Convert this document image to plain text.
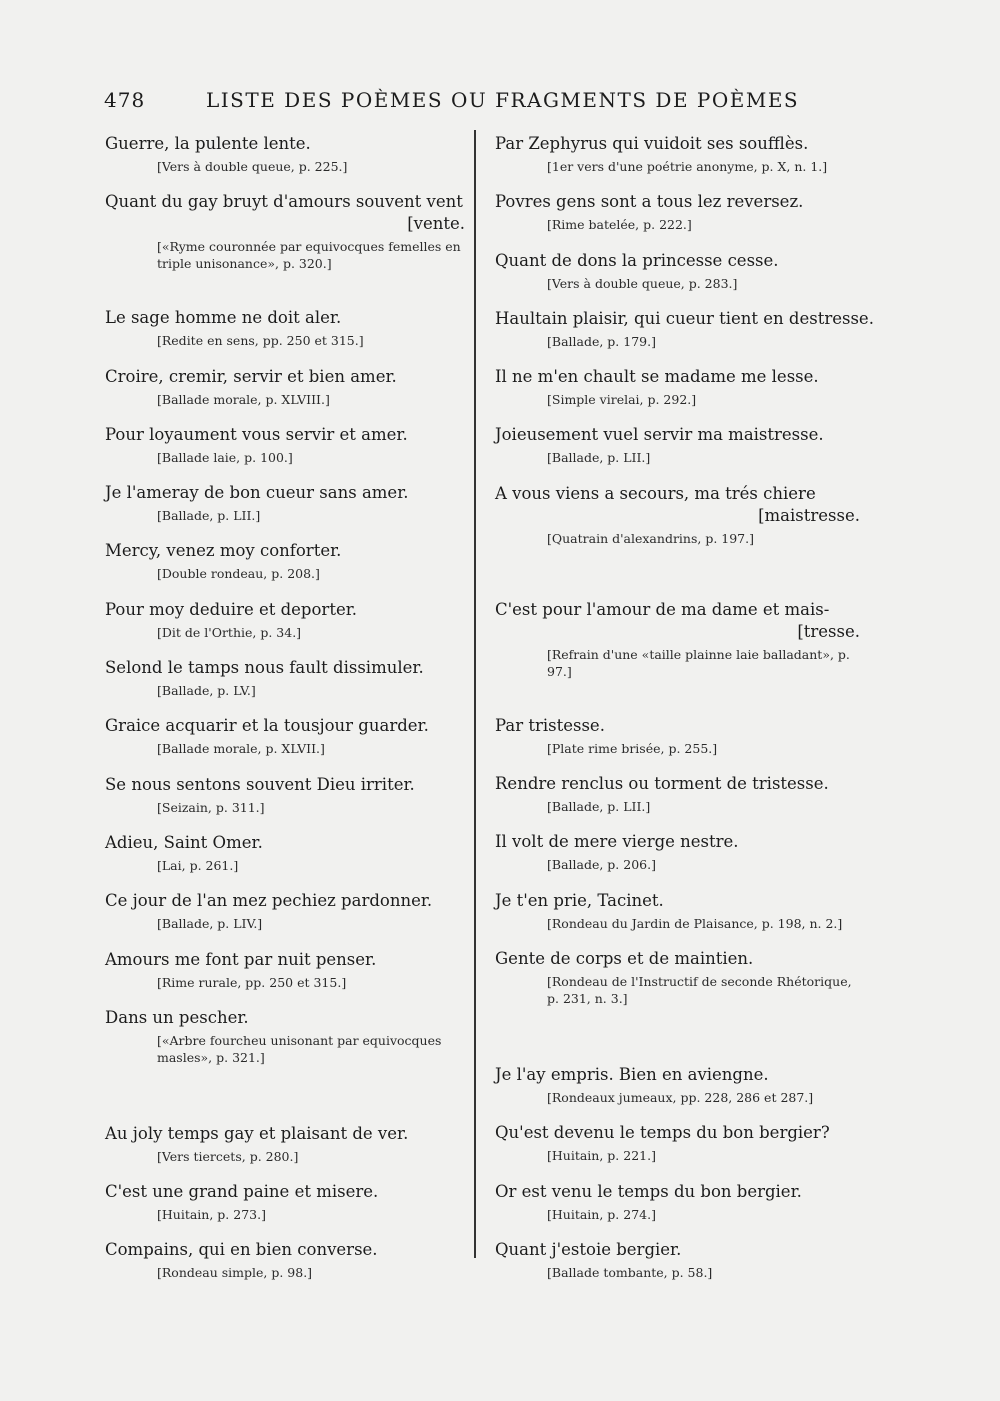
478	LISTE DES POÈMES OU FRAGMENTS DE POÈMES
Guerre, la pulente lente.
[Vers à double queue, p. 225.]
Quant du gay bruyt d'amours souvent vent
[vente.
[«Ryme couronnée par equivocques femelles en triple unisonance», p. 320.]
Le sage homme ne doit aler.
[Redite en sens, pp. 250 et 315.]
Croire, cremir, servir et bien amer.
[Ballade morale, p. XLVIII.]
Pour loyaument vous servir et amer.
[Ballade laie, p. 100.]
Je l'ameray de bon cueur sans amer.
[Ballade, p. LII.]
Mercy, venez moy conforter.
[Double rondeau, p. 208.]
Pour moy deduire et deporter.
[Dit de l'Orthie, p. 34.]
Selond le tamps nous fault dissimuler.
[Ballade, p. LV.]
Graice acquarir et la tousjour guarder.
[Ballade morale, p. XLVII.]
Se nous sentons souvent Dieu irriter.
[Seizain, p. 311.]
Adieu, Saint Omer.
[Lai, p. 261.]
Ce jour de l'an mez pechiez pardonner.
[Ballade, p. LIV.]
Amours me font par nuit penser.
[Rime rurale, pp. 250 et 315.]
Dans un pescher.
[«Arbre fourcheu unisonant par equivocques masles», p. 321.]
Au joly temps gay et plaisant de ver.
[Vers tiercets, p. 280.]
C'est une grand paine et misere.
[Huitain, p. 273.]
Compains, qui en bien converse.
[Rondeau simple, p. 98.]
Par Zephyrus qui vuidoit ses soufflès.
[1er vers d'une poétrie anonyme, p. X, n. 1.]
Povres gens sont a tous lez reversez.
[Rime batelée, p. 222.]
Quant de dons la princesse cesse.
[Vers à double queue, p. 283.]
Haultain plaisir, qui cueur tient en destresse.
[Ballade, p. 179.]
Il ne m'en chault se madame me lesse.
[Simple virelai, p. 292.]
Joieusement vuel servir ma maistresse.
[Ballade, p. LII.]
A vous viens a secours, ma trés chiere
[maistresse.
[Quatrain d'alexandrins, p. 197.]
C'est pour l'amour de ma dame et mais-
[tresse.
[Refrain d'une «taille plainne laie balladant», p. 97.]
Par tristesse.
[Plate rime brisée, p. 255.]
Rendre renclus ou torment de tristesse.
[Ballade, p. LII.]
Il volt de mere vierge nestre.
[Ballade, p. 206.]
Je t'en prie, Tacinet.
[Rondeau du Jardin de Plaisance, p. 198, n. 2.]
Gente de corps et de maintien.
[Rondeau de l'Instructif de seconde Rhétorique, p. 231, n. 3.]
Je l'ay empris. Bien en aviengne.
[Rondeaux jumeaux, pp. 228, 286 et 287.]
Qu'est devenu le temps du bon bergier?
[Huitain, p. 221.]
Or est venu le temps du bon bergier.
[Huitain, p. 274.]
Quant j'estoie bergier.
[Ballade tombante, p. 58.]
